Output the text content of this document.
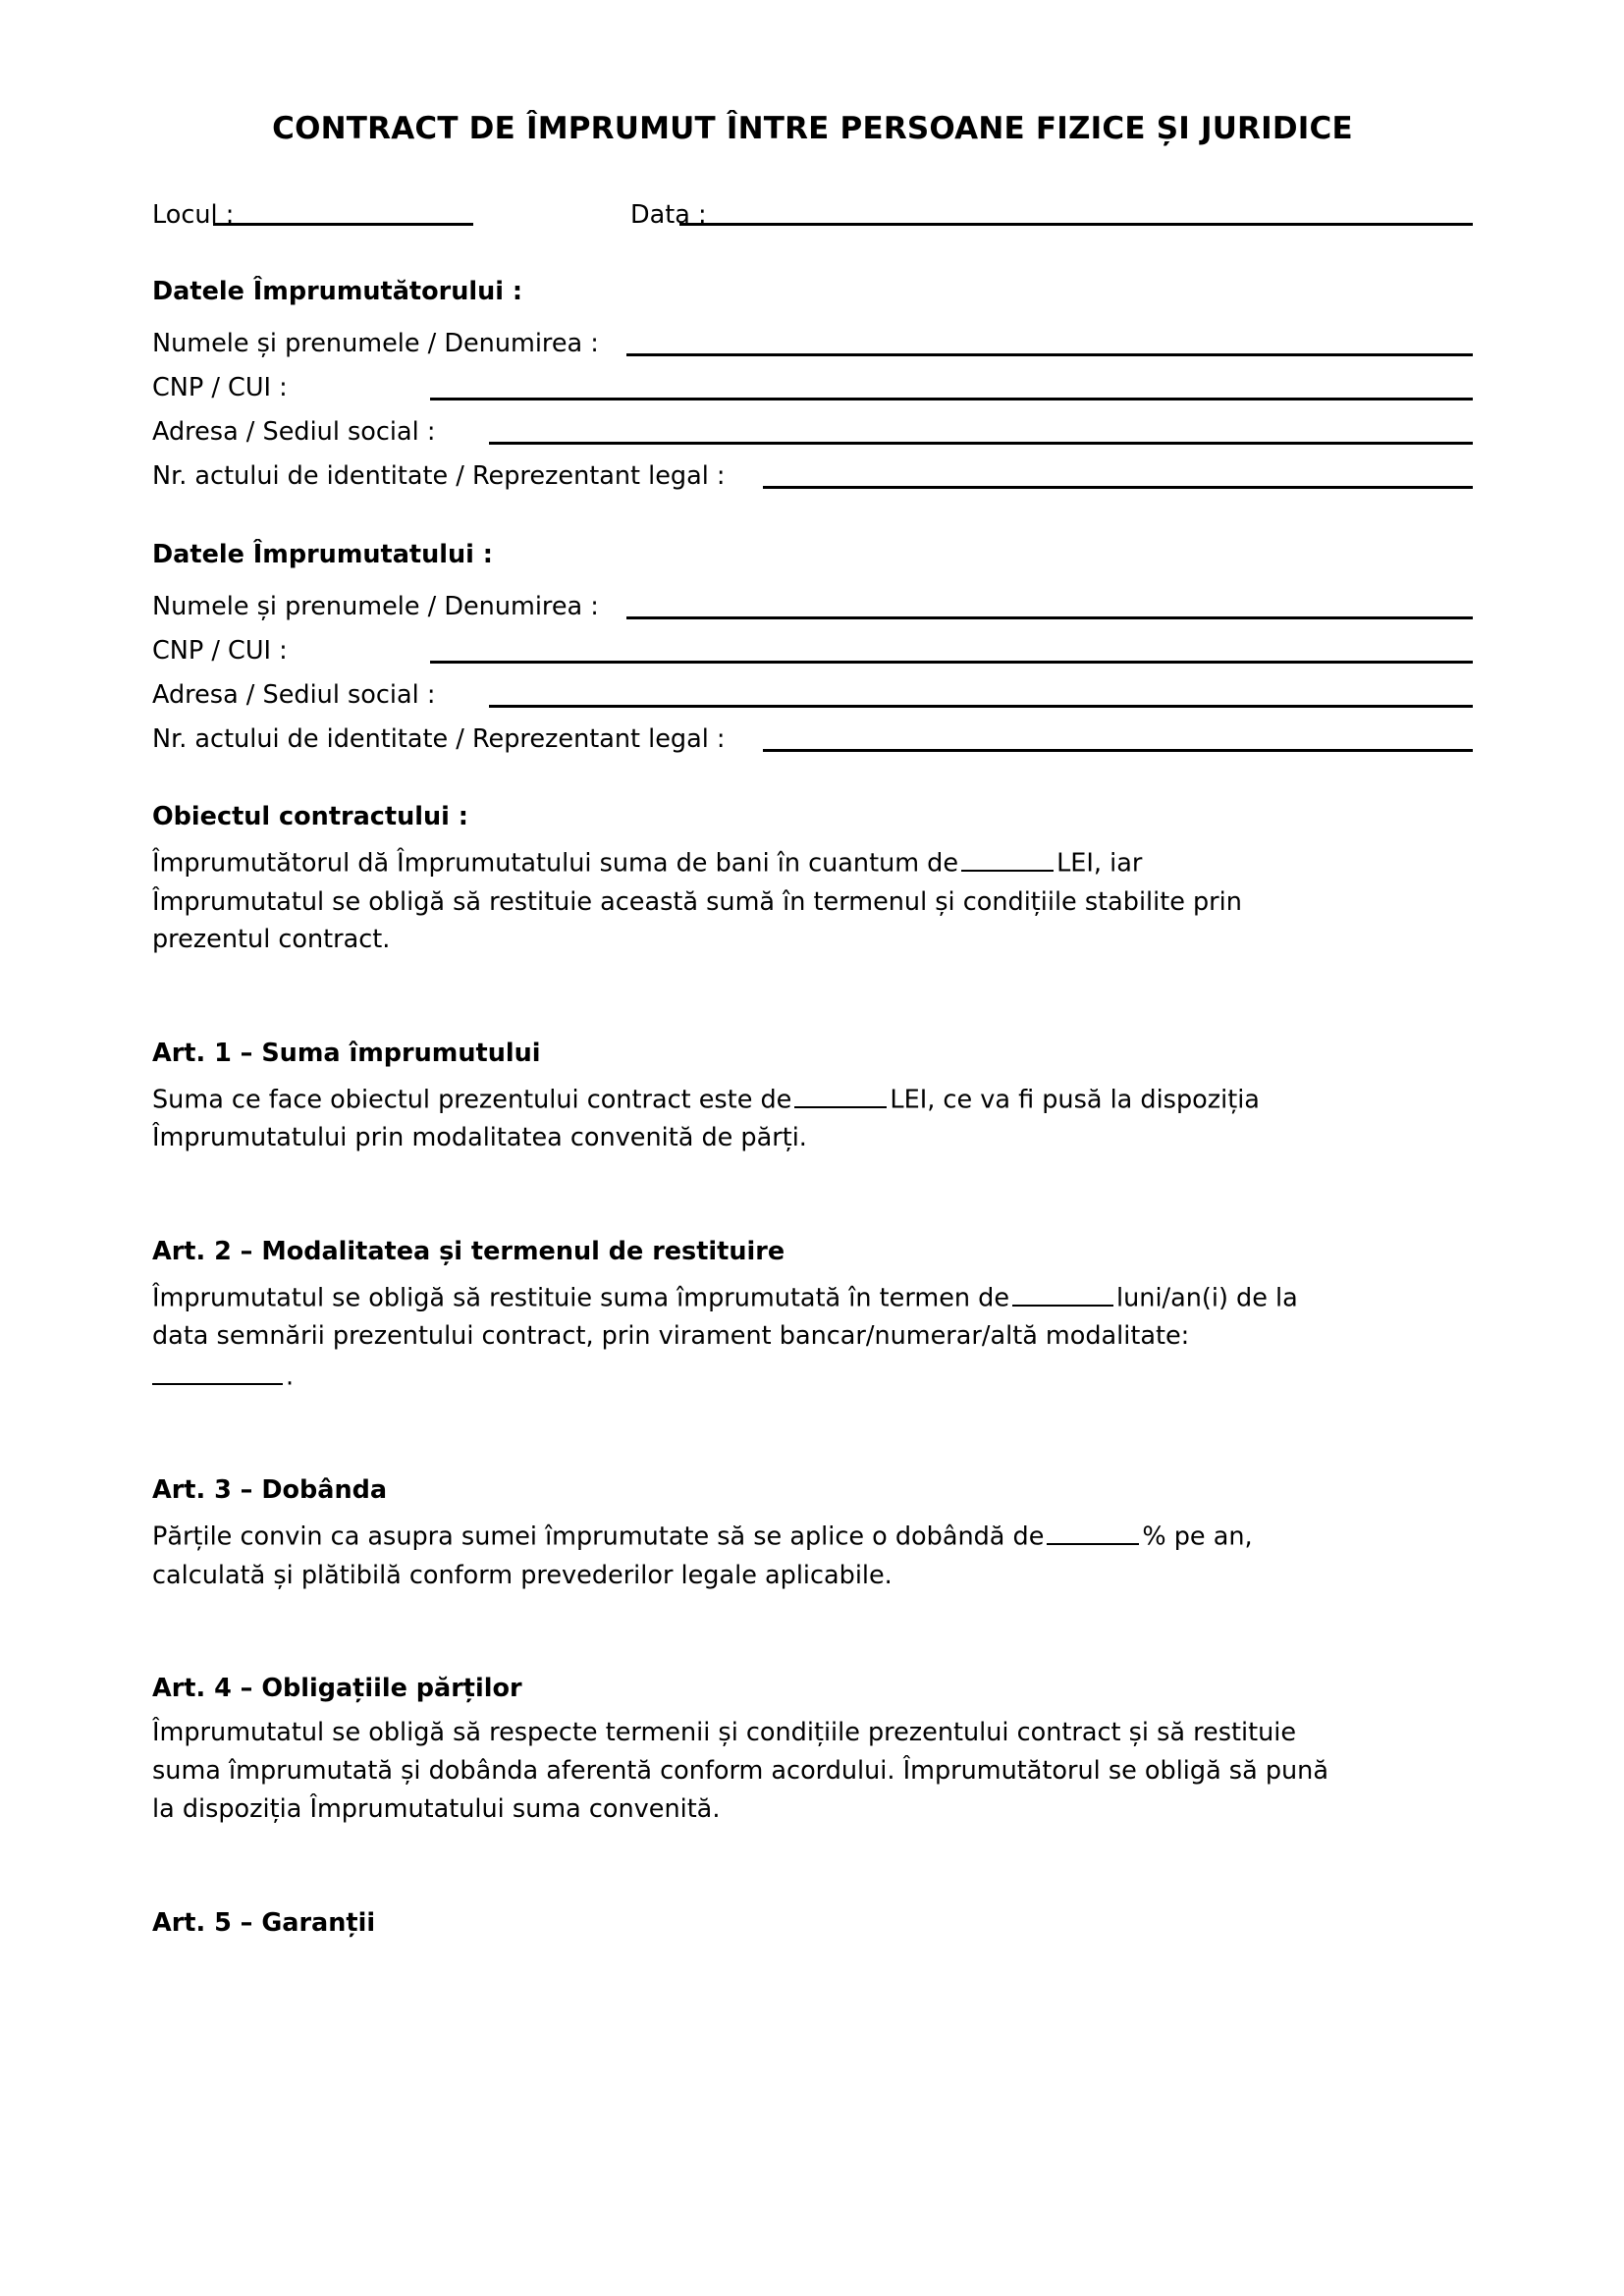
CONTRACT DE ÎMPRUMUT ÎNTRE PERSOANE FIZICE ȘI JURIDICE
Locul :	Data :
Datele Împrumutătorului :
Numele și prenumele / Denumirea :
CNP / CUI :
Adresa / Sediul social :
Nr. actului de identitate / Reprezentant legal :
Datele Împrumutatului :
Numele și prenumele / Denumirea :
CNP / CUI :
Adresa / Sediul social :
Nr. actului de identitate / Reprezentant legal :
Obiectul contractului :
Împrumutătorul dă Împrumutatului suma de bani în cuantum de	LEI, iar
Împrumutatul se obligă să restituie această sumă în termenul și condițiile stabilite prin
prezentul contract.
Art. 1 – Suma împrumutului
Suma ce face obiectul prezentului contract este de	LEI, ce va fi pusă la dispoziția
Împrumutatului prin modalitatea convenită de părți.
Art. 2 – Modalitatea și termenul de restituire
Împrumutatul se obligă să restituie suma împrumutată în termen de	luni/an(i) de la
data semnării prezentului contract, prin virament bancar/numerar/altă modalitate:
.
Art. 3 – Dobânda
Părțile convin ca asupra sumei împrumutate să se aplice o dobândă de	% pe an,
calculată și plătibilă conform prevederilor legale aplicabile.
Art. 4 – Obligațiile părților
Împrumutatul se obligă să respecte termenii și condițiile prezentului contract și să restituie
suma împrumutată și dobânda aferentă conform acordului. Împrumutătorul se obligă să pună
la dispoziția Împrumutatului suma convenită.
Art. 5 – Garanții
